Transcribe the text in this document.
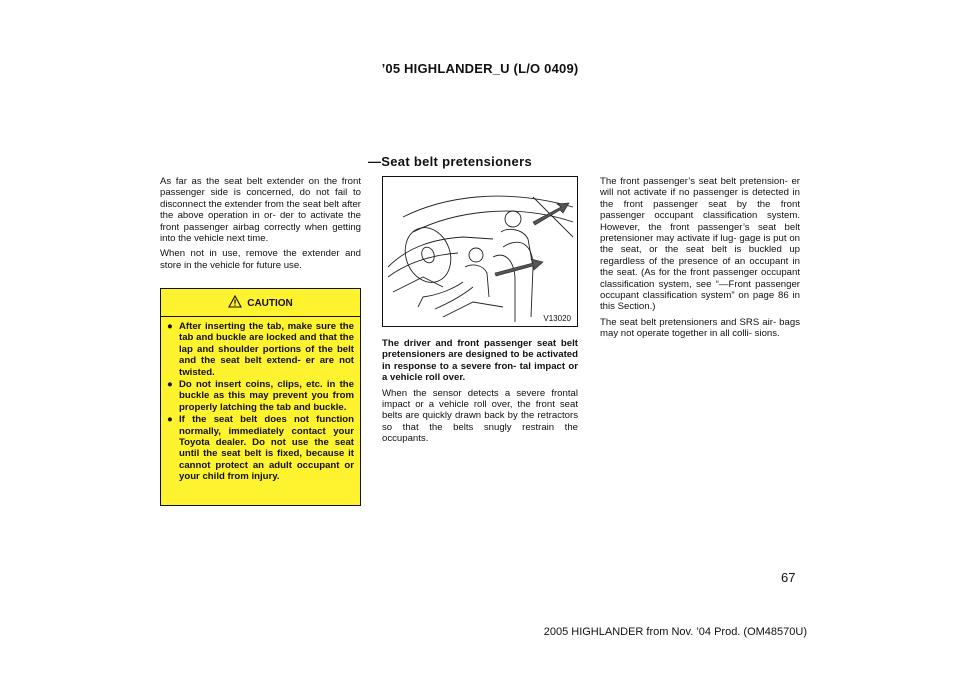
’05 HIGHLANDER_U (L/O 0409)

As far as the seat belt extender on the front passenger side is concerned, do not fail to disconnect the extender from the seat belt after the above operation in or- der to activate the front passenger airbag correctly when getting into the vehicle next time.

When not in use, remove the extender and store in the vehicle for future use.

CAUTION
● After inserting the tab, make sure the tab and buckle are locked and that the lap and shoulder portions of the belt and the seat belt extend- er are not twisted.
● Do not insert coins, clips, etc. in the buckle as this may prevent you from properly latching the tab and buckle.
● If the seat belt does not function normally, immediately contact your Toyota dealer. Do not use the seat until the seat belt is fixed, because it cannot protect an adult occupant or your child from injury.
—Seat belt pretensioners
V13020

The driver and front passenger seat belt pretensioners are designed to be activated in response to a severe fron- tal impact or a vehicle roll over.

When the sensor detects a severe frontal impact or a vehicle roll over, the front seat belts are quickly drawn back by the retractors so that the belts snugly restrain the occupants.

The front passenger’s seat belt pretension- er will not activate if no passenger is detected in the front passenger seat by the front passenger occupant classification system. However, the front passenger’s seat belt pretensioner may activate if lug- gage is put on the seat, or the seat belt is buckled up regardless of the presence of an occupant in the seat. (As for the front passenger occupant classification system, see “—Front passenger occupant classification system” on page 86 in this Section.)

The seat belt pretensioners and SRS air- bags may not operate together in all colli- sions.

67
2005 HIGHLANDER from Nov. ’04 Prod. (OM48570U)
